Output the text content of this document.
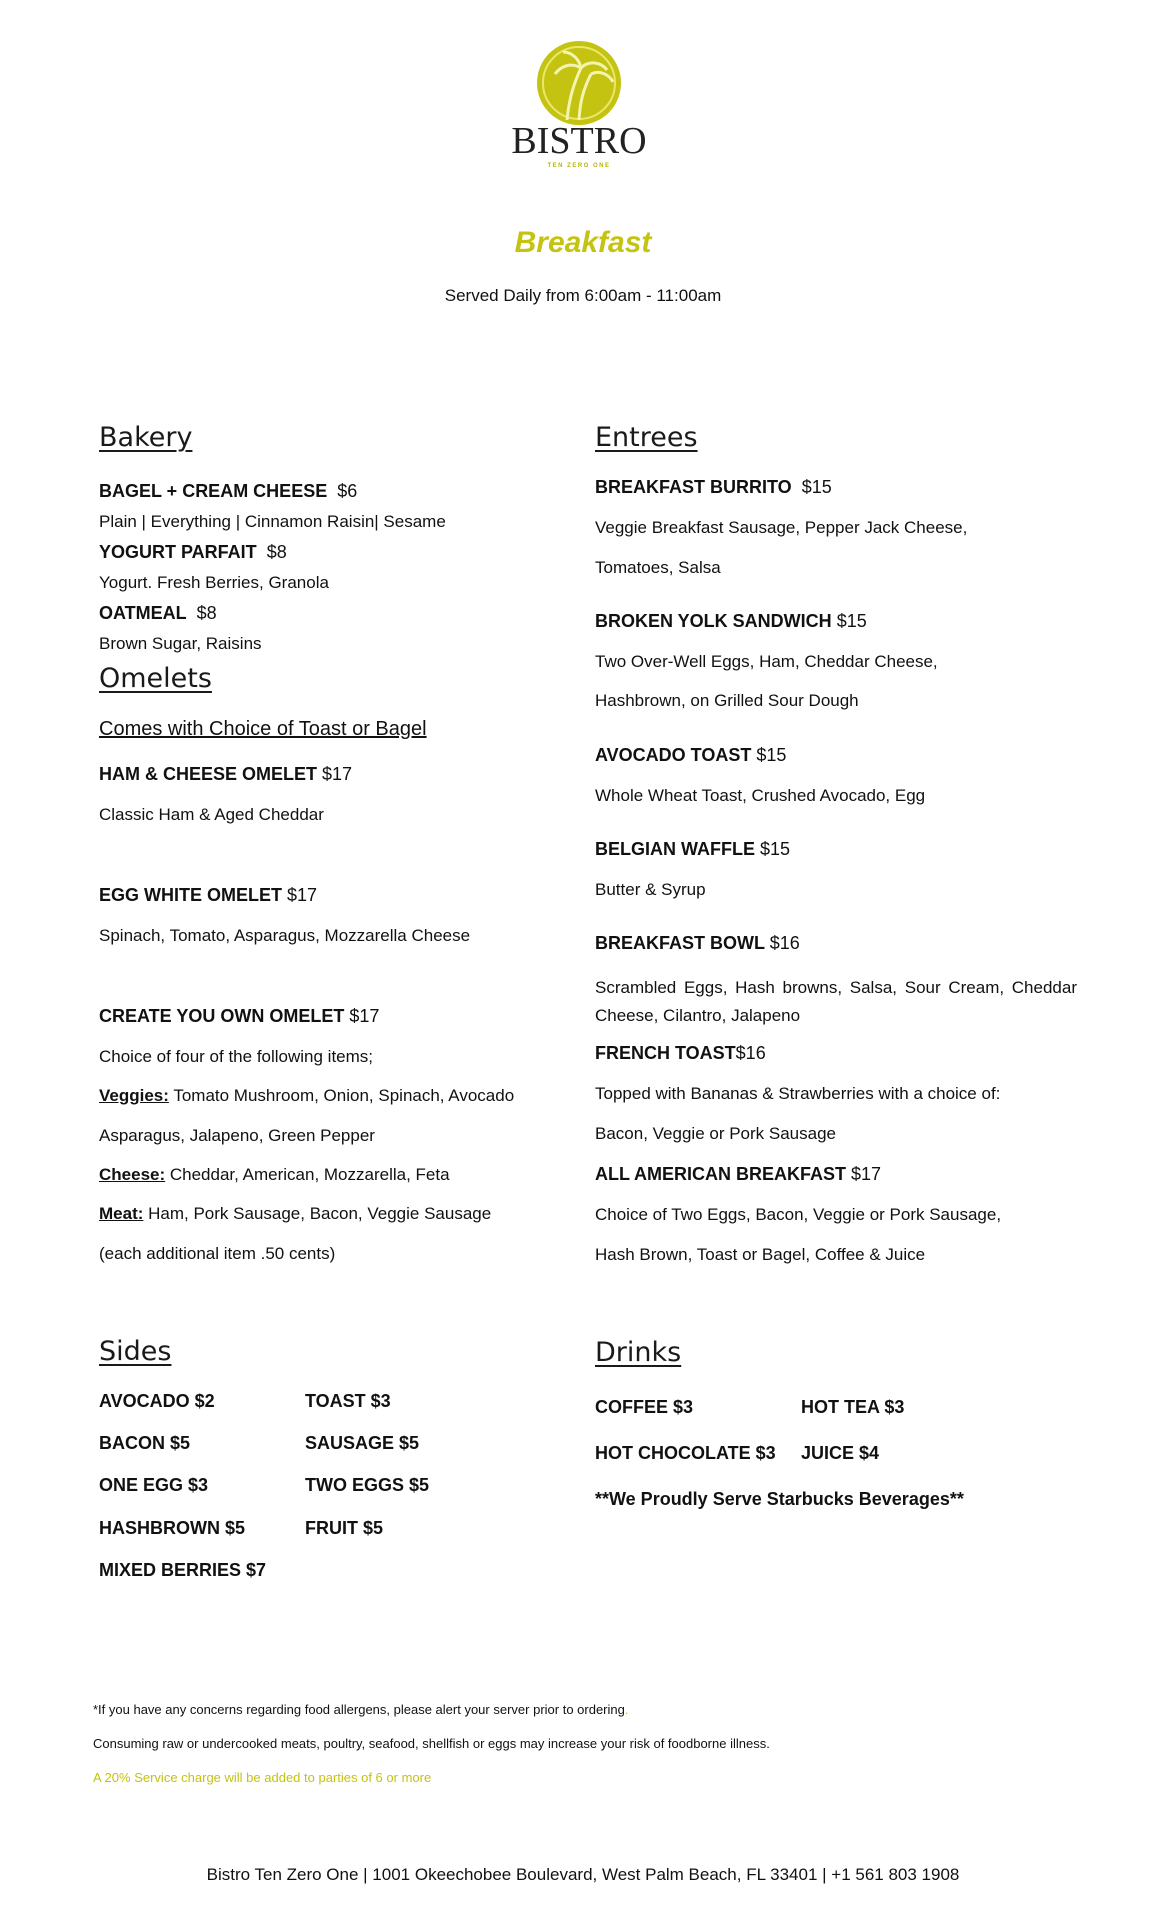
BISTRO
TEN ZERO ONE
Breakfast
Served Daily from 6:00am - 11:00am
Bakery
BAGEL + CREAM CHEESE $6
Plain | Everything | Cinnamon Raisin| Sesame
YOGURT PARFAIT $8
Yogurt. Fresh Berries, Granola
OATMEAL $8
Brown Sugar, Raisins
Omelets
Comes with Choice of Toast or Bagel
HAM & CHEESE OMELET $17
Classic Ham & Aged Cheddar
EGG WHITE OMELET $17
Spinach, Tomato, Asparagus, Mozzarella Cheese
CREATE YOU OWN OMELET $17
Choice of four of the following items;
Veggies: Tomato Mushroom, Onion, Spinach, Avocado
Asparagus, Jalapeno, Green Pepper
Cheese: Cheddar, American, Mozzarella, Feta
Meat: Ham, Pork Sausage, Bacon, Veggie Sausage
(each additional item .50 cents)
Entrees
BREAKFAST BURRITO $15
Veggie Breakfast Sausage, Pepper Jack Cheese,
Tomatoes, Salsa
BROKEN YOLK SANDWICH $15
Two Over-Well Eggs, Ham, Cheddar Cheese,
Hashbrown, on Grilled Sour Dough
AVOCADO TOAST $15
Whole Wheat Toast, Crushed Avocado, Egg
BELGIAN WAFFLE $15
Butter & Syrup
BREAKFAST BOWL $16
Scrambled Eggs, Hash browns, Salsa, Sour Cream, Cheddar Cheese, Cilantro, Jalapeno
FRENCH TOAST$16
Topped with Bananas & Strawberries with a choice of:
Bacon, Veggie or Pork Sausage
ALL AMERICAN BREAKFAST $17
Choice of Two Eggs, Bacon, Veggie or Pork Sausage,
Hash Brown, Toast or Bagel, Coffee & Juice
Sides
AVOCADO $2
BACON $5
ONE EGG $3
HASHBROWN $5
MIXED BERRIES $7
TOAST $3
SAUSAGE $5
TWO EGGS $5
FRUIT $5
Drinks
COFFEE $3
HOT CHOCOLATE $3
HOT TEA $3
JUICE $4
**We Proudly Serve Starbucks Beverages**
*If you have any concerns regarding food allergens, please alert your server prior to ordering.
Consuming raw or undercooked meats, poultry, seafood, shellfish or eggs may increase your risk of foodborne illness.
A 20% Service charge will be added to parties of 6 or more
Bistro Ten Zero One | 1001 Okeechobee Boulevard, West Palm Beach, FL 33401 | +1 561 803 1908
